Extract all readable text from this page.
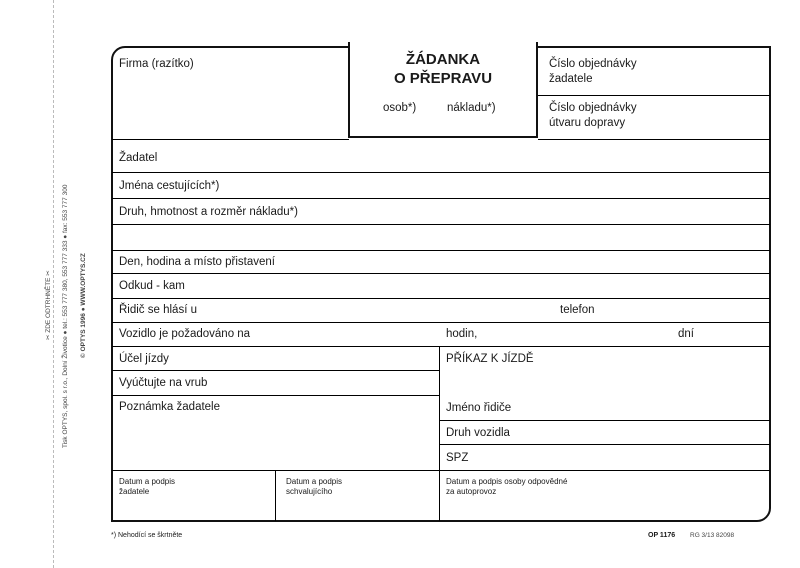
✂ ZDE ODTRHNĚTE ✂ Tisk OPTYS, spol. s r.o., Dolní Životice ● tel.: 553 777 380, 553 777 333 ● fax: 553 777 300 © OPTYS 1996 ● WWW.OPTYS.CZ
Firma (razítko)	ŽÁDANKA
O PŘEPRAVU
osob*)	nákladu*)
Číslo objednávky
žadatele
Číslo objednávky
útvaru dopravy
Žadatel
Jména cestujících*)
Druh, hmotnost a rozměr nákladu*)
Den, hodina a místo přistavení
Odkud - kam
Řidič se hlásí u	telefon
Vozidlo je požadováno na	hodin,	dní
Účel jízdy
Vyúčtujte na vrub
Poznámka žadatele
PŘÍKAZ K JÍZDĚ
Jméno řidiče
Druh vozidla
SPZ
Datum a podpis
žadatele
Datum a podpis
schvalujícího
Datum a podpis osoby odpovědné
za autoprovoz
*) Nehodící se škrtněte	OP 1176 RG 3/13 82098
